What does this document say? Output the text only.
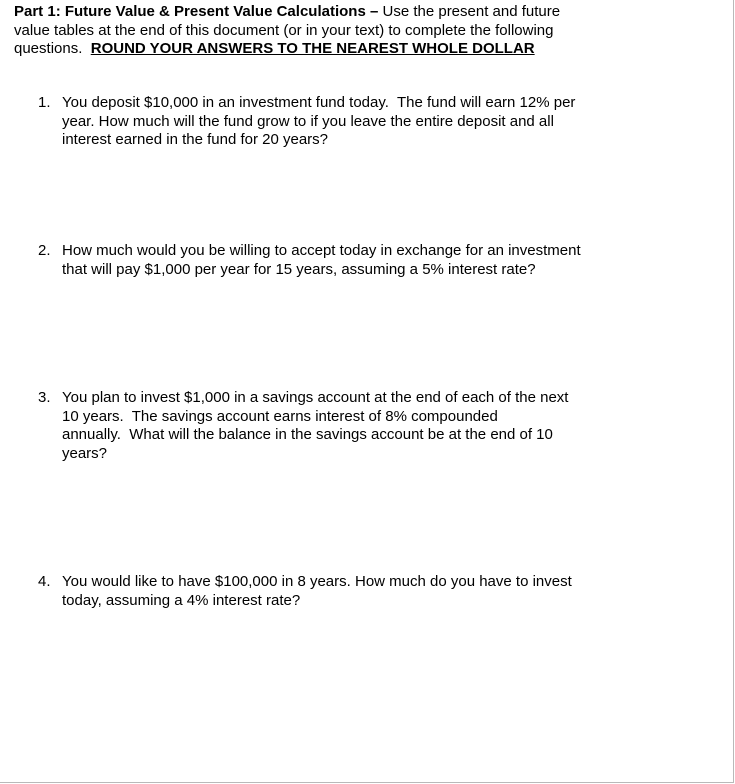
Part 1: Future Value & Present Value Calculations – Use the present and future
value tables at the end of this document (or in your text) to complete the following
questions. ROUND YOUR ANSWERS TO THE NEAREST WHOLE DOLLAR
1. You deposit $10,000 in an investment fund today.  The fund will earn 12% per
year. How much will the fund grow to if you leave the entire deposit and all
interest earned in the fund for 20 years?
2. How much would you be willing to accept today in exchange for an investment
that will pay $1,000 per year for 15 years, assuming a 5% interest rate?
3. You plan to invest $1,000 in a savings account at the end of each of the next
10 years.  The savings account earns interest of 8% compounded
annually.  What will the balance in the savings account be at the end of 10
years?
4. You would like to have $100,000 in 8 years. How much do you have to invest
today, assuming a 4% interest rate?
